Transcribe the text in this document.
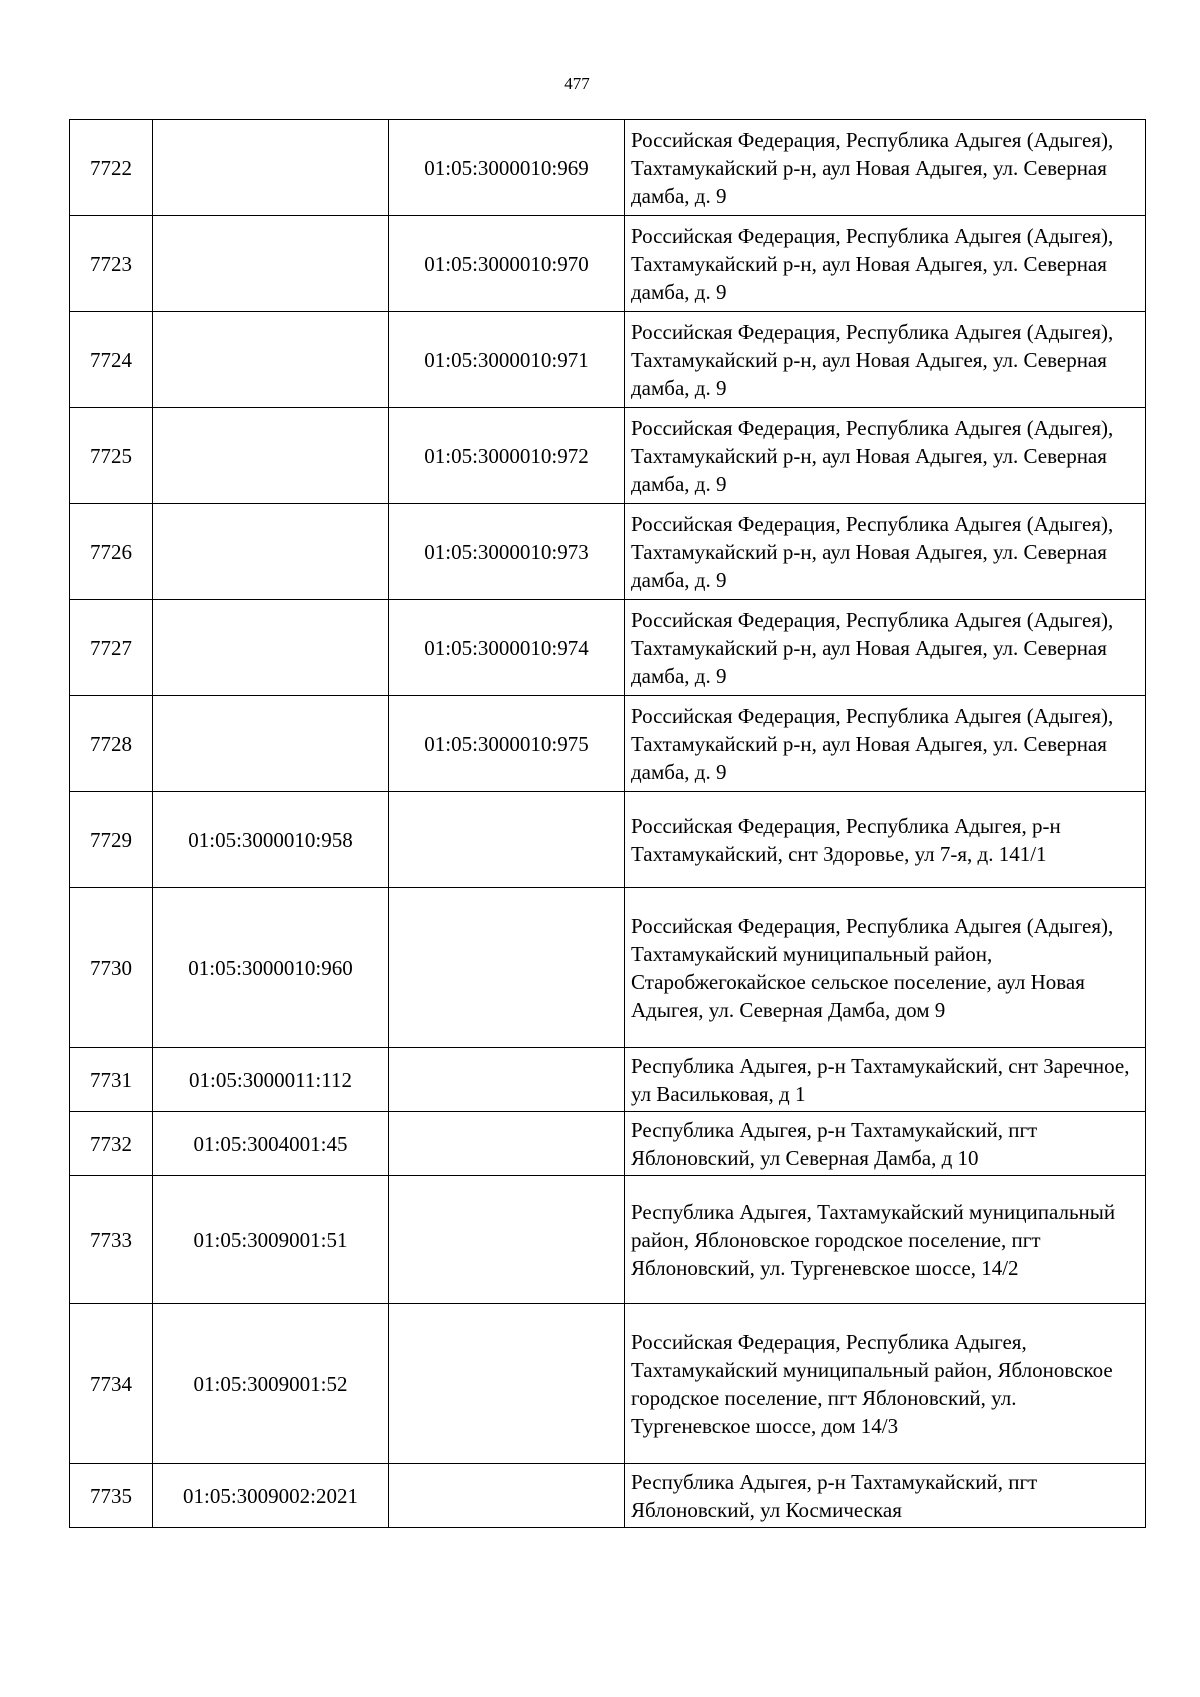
477
7722		01:05:3000010:969	Российская Федерация, Республика Адыгея (Адыгея), Тахтамукайский р-н, аул Новая Адыгея, ул. Северная дамба, д. 9
7723		01:05:3000010:970	Российская Федерация, Республика Адыгея (Адыгея), Тахтамукайский р-н, аул Новая Адыгея, ул. Северная дамба, д. 9
7724		01:05:3000010:971	Российская Федерация, Республика Адыгея (Адыгея), Тахтамукайский р-н, аул Новая Адыгея, ул. Северная дамба, д. 9
7725		01:05:3000010:972	Российская Федерация, Республика Адыгея (Адыгея), Тахтамукайский р-н, аул Новая Адыгея, ул. Северная дамба, д. 9
7726		01:05:3000010:973	Российская Федерация, Республика Адыгея (Адыгея), Тахтамукайский р-н, аул Новая Адыгея, ул. Северная дамба, д. 9
7727		01:05:3000010:974	Российская Федерация, Республика Адыгея (Адыгея), Тахтамукайский р-н, аул Новая Адыгея, ул. Северная дамба, д. 9
7728		01:05:3000010:975	Российская Федерация, Республика Адыгея (Адыгея), Тахтамукайский р-н, аул Новая Адыгея, ул. Северная дамба, д. 9
7729	01:05:3000010:958		Российская Федерация, Республика Адыгея, р-н Тахтамукайский, снт Здоровье, ул 7-я, д. 141/1
7730	01:05:3000010:960		Российская Федерация, Республика Адыгея (Адыгея), Тахтамукайский муниципальный район, Старобжегокайское сельское поселение, аул Новая Адыгея, ул. Северная Дамба, дом 9
7731	01:05:3000011:112		Республика Адыгея, р-н Тахтамукайский, снт Заречное, ул Васильковая, д 1
7732	01:05:3004001:45		Республика Адыгея, р-н Тахтамукайский, пгт Яблоновский, ул Северная Дамба, д 10
7733	01:05:3009001:51		Республика Адыгея, Тахтамукайский муниципальный район, Яблоновское городское поселение, пгт Яблоновский, ул. Тургеневское шоссе, 14/2
7734	01:05:3009001:52		Российская Федерация, Республика Адыгея, Тахтамукайский муниципальный район, Яблоновское городское поселение, пгт Яблоновский, ул. Тургеневское шоссе, дом 14/3
7735	01:05:3009002:2021		Республика Адыгея, р-н Тахтамукайский, пгт Яблоновский, ул Космическая
